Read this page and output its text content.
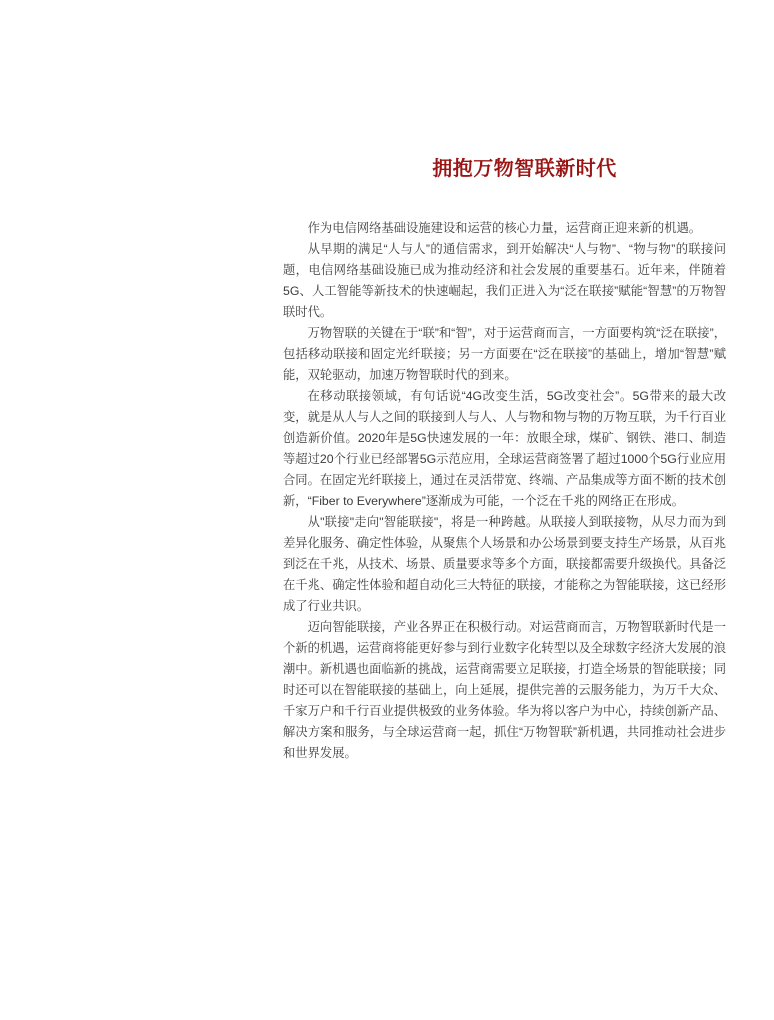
拥抱万物智联新时代

作为电信网络基础设施建设和运营的核心力量，运营商正迎来新的机遇。

从早期的满足“人与人”的通信需求，到开始解决“人与物”、“物与物”的联接问题，电信网络基础设施已成为推动经济和社会发展的重要基石。近年来，伴随着5G、人工智能等新技术的快速崛起，我们正进入为“泛在联接”赋能“智慧”的万物智联时代。

万物智联的关键在于“联”和“智”，对于运营商而言，一方面要构筑“泛在联接”，包括移动联接和固定光纤联接；另一方面要在“泛在联接”的基础上，增加“智慧”赋能，双轮驱动，加速万物智联时代的到来。

在移动联接领域，有句话说“4G改变生活，5G改变社会”。5G带来的最大改变，就是从人与人之间的联接到人与人、人与物和物与物的万物互联，为千行百业创造新价值。2020年是5G快速发展的一年：放眼全球，煤矿、钢铁、港口、制造等超过20个行业已经部署5G示范应用，全球运营商签署了超过1000个5G行业应用合同。在固定光纤联接上，通过在灵活带宽、终端、产品集成等方面不断的技术创新，“Fiber to Everywhere”逐渐成为可能，一个泛在千兆的网络正在形成。

从"联接"走向"智能联接"，将是一种跨越。从联接人到联接物，从尽力而为到差异化服务、确定性体验，从聚焦个人场景和办公场景到要支持生产场景，从百兆到泛在千兆，从技术、场景、质量要求等多个方面，联接都需要升级换代。具备泛在千兆、确定性体验和超自动化三大特征的联接，才能称之为智能联接，这已经形成了行业共识。

迈向智能联接，产业各界正在积极行动。对运营商而言，万物智联新时代是一个新的机遇，运营商将能更好参与到行业数字化转型以及全球数字经济大发展的浪潮中。新机遇也面临新的挑战，运营商需要立足联接，打造全场景的智能联接；同时还可以在智能联接的基础上，向上延展，提供完善的云服务能力，为万千大众、千家万户和千行百业提供极致的业务体验。华为将以客户为中心，持续创新产品、解决方案和服务，与全球运营商一起，抓住“万物智联”新机遇，共同推动社会进步和世界发展。
